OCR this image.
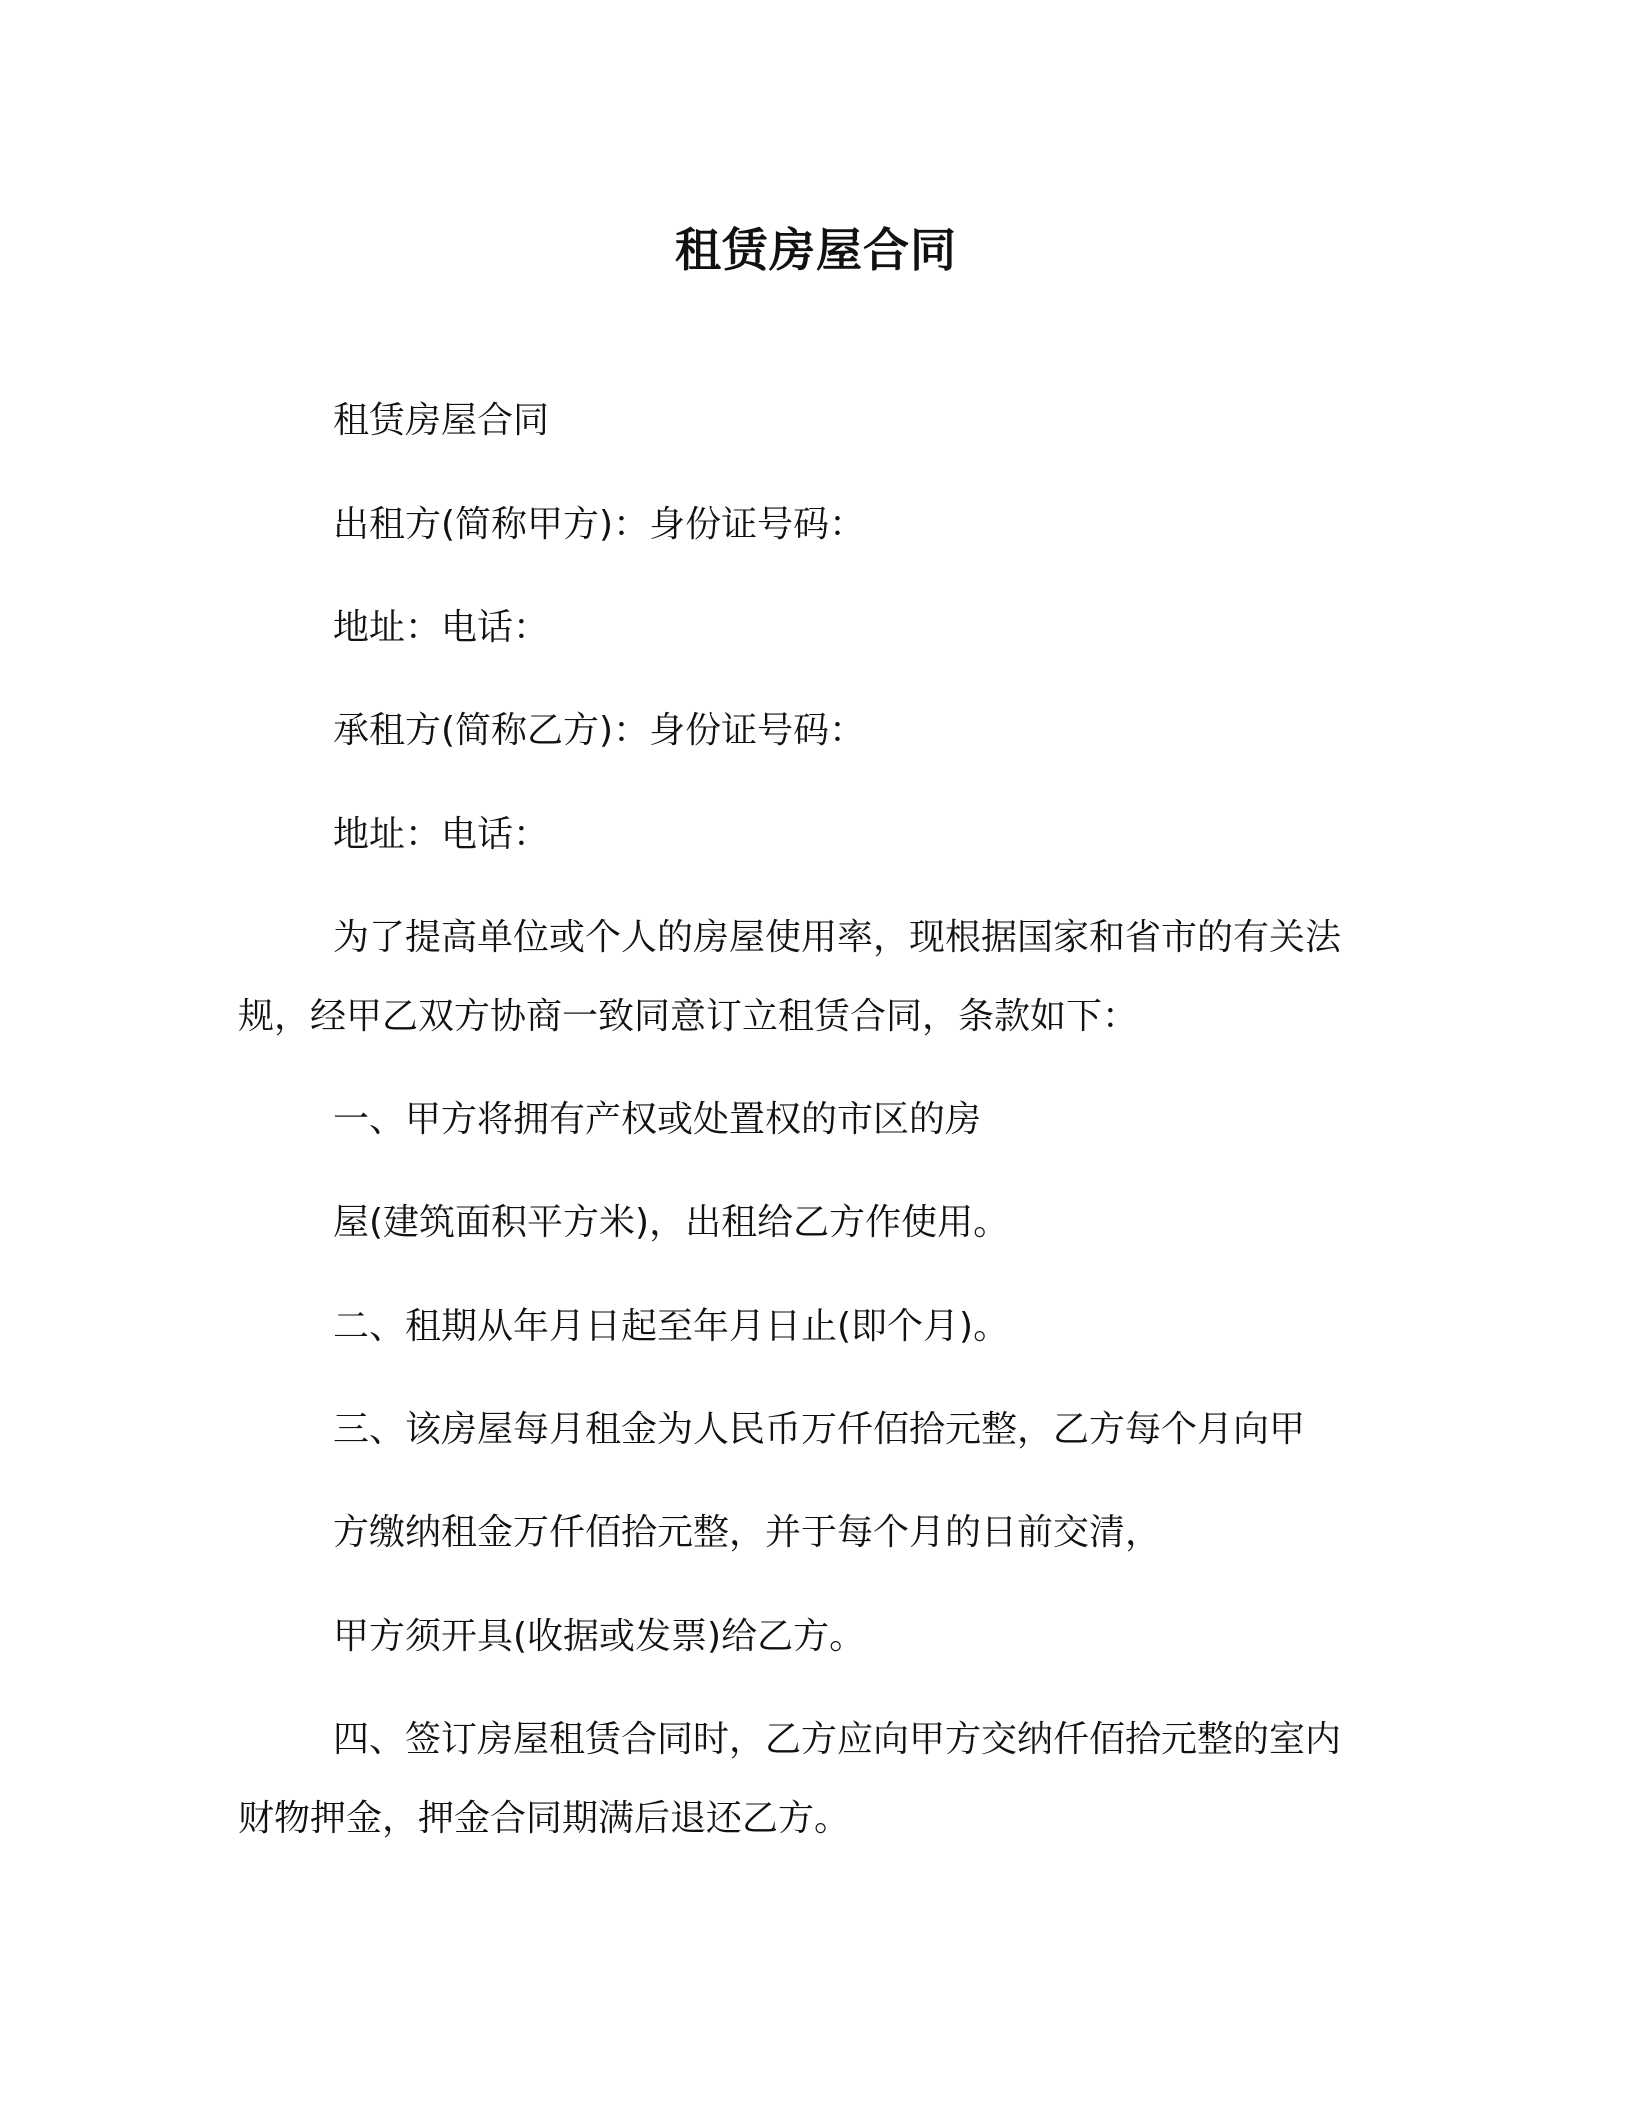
租赁房屋合同
租赁房屋合同
出租方(简称甲方)：身份证号码：
地址：电话：
承租方(简称乙方)：身份证号码：
地址：电话：
为了提高单位或个人的房屋使用率，现根据国家和省市的有关法
规，经甲乙双方协商一致同意订立租赁合同，条款如下：
一、甲方将拥有产权或处置权的市区的房
屋(建筑面积平方米)，出租给乙方作使用。
二、租期从年月日起至年月日止(即个月)。
三、该房屋每月租金为人民币万仟佰拾元整，乙方每个月向甲
方缴纳租金万仟佰拾元整，并于每个月的日前交清，
甲方须开具(收据或发票)给乙方。
四、签订房屋租赁合同时，乙方应向甲方交纳仟佰拾元整的室内
财物押金，押金合同期满后退还乙方。
